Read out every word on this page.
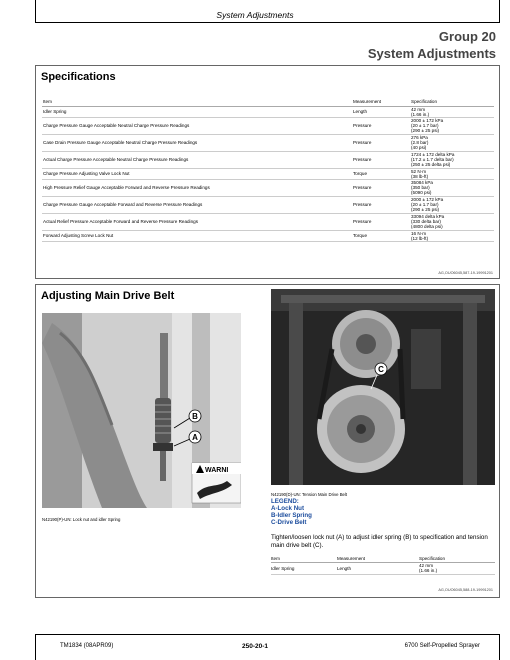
System Adjustments
Group 20
System Adjustments
Specifications
Item	Measurement	Specification
Idler Spring	Length	42 mm
(1.66 in.)

Charge Pressure Gauge Acceptable Neutral Charge Pressure Readings	Pressure	2000 ± 172 kPa
(20 ± 1.7 bar)
(290 ± 25 psi)

Case Drain Pressure Gauge Acceptable Neutral Charge Pressure Readings	Pressure	276 kPa
(2.8 bar)
(40 psi)

Actual Charge Pressure Acceptable Neutral Charge Pressure Readings	Pressure	1724 ± 172 delta kPa
(17.2 ± 1.7 delta bar)
(250 ± 25 delta psi)

Charge Pressure Adjusting Valve Lock Nut	Torque	52 N·m
(38 lb-ft)

High Pressure Relief Gauge Acceptable Forward and Reverse Pressure Readings	Pressure	35084 kPa
(350 bar)
(5090 psi)

Charge Pressure Gauge Acceptable Forward and Reverse Pressure Readings	Pressure	2000 ± 172 kPa
(20 ± 1.7 bar)
(290 ± 25 psi)

Actual Relief Pressure Acceptable Forward and Reverse Pressure Readings	Pressure	33094 delta kPa
(330 delta bar)
(4800 delta psi)

Forward Adjusting Screw Lock Nut	Torque	16 N·m
(12 lb-ft)
AG,OUO6045,587-19-19991201
Adjusting Main Drive Belt
B
A
WARNI
C
N42190(P)-UN: Lock nut and idler Spring
N42190(D)-UN: Tension Main Drive Belt
LEGEND:
A-Lock Nut
B-Idler Spring
C-Drive Belt
Tighten/loosen lock nut (A) to adjust idler spring (B) to specification and tension main drive belt (C).
Item	Measurement	Specification
Idler Spring	Length	42 mm
(1.66 in.)
AG,OUO6045,588-19-19991201
TM1834 (08APR09)	250-20-1	6700 Self-Propelled Sprayer
